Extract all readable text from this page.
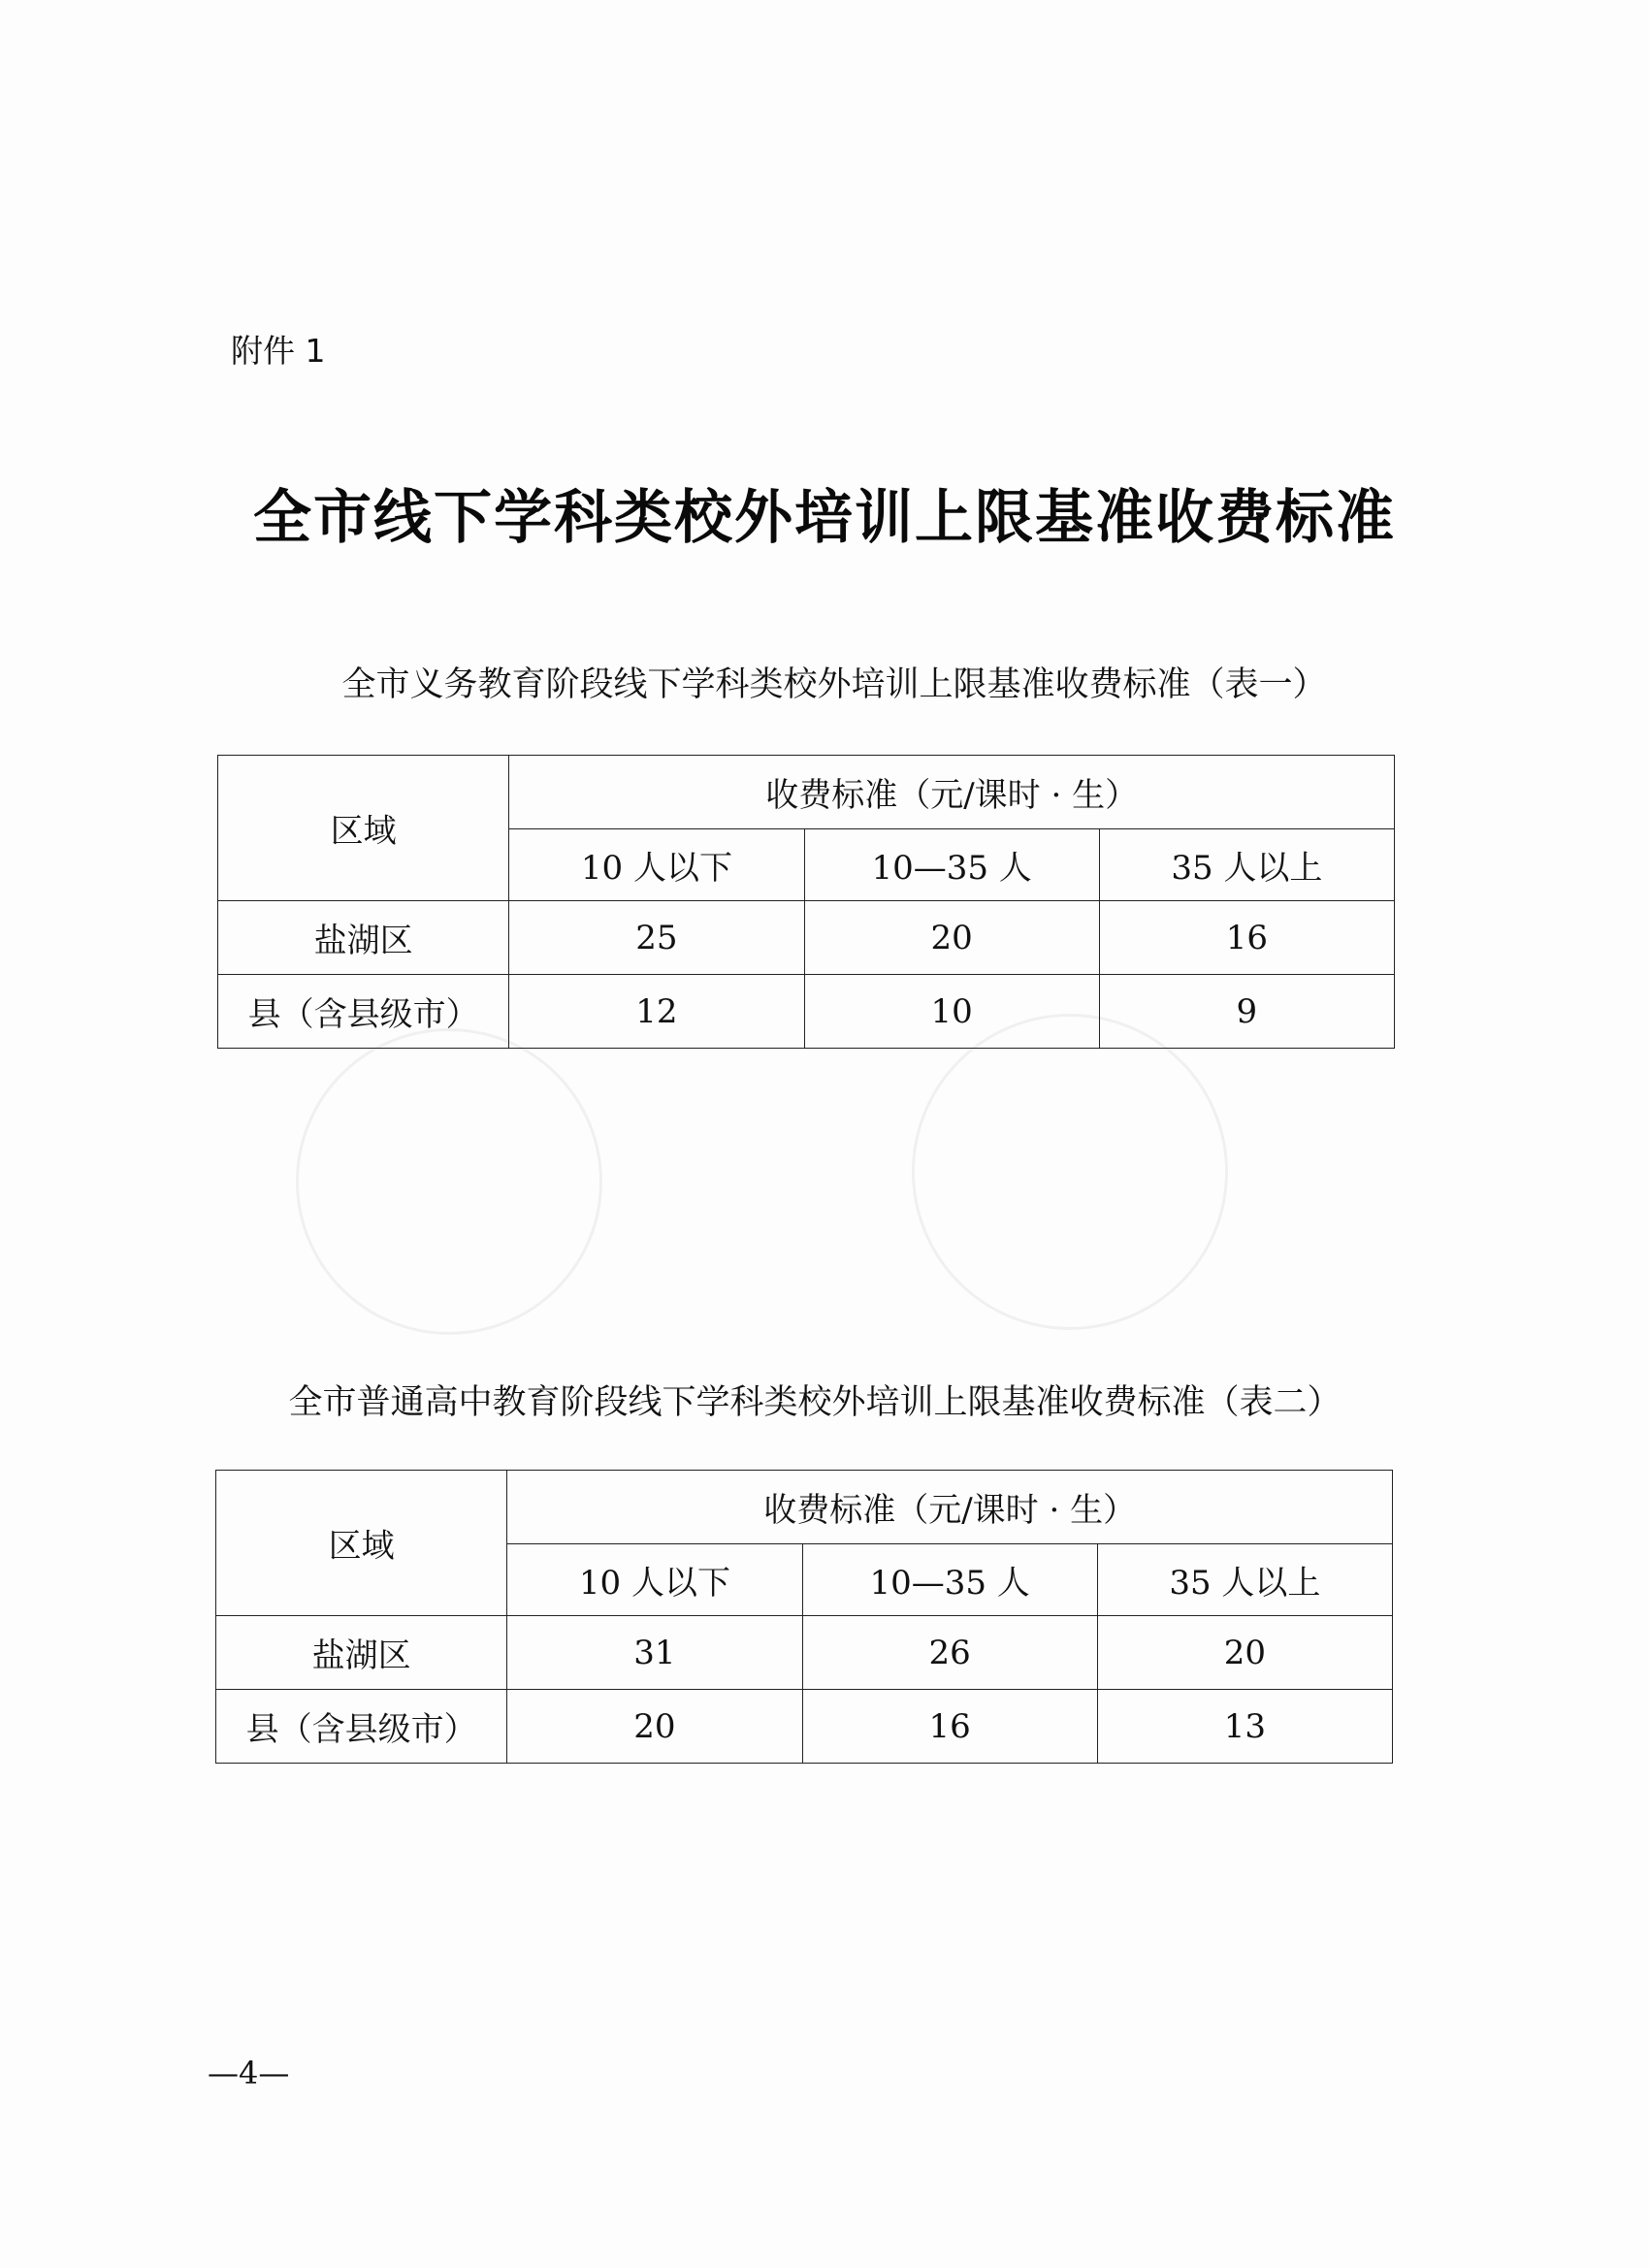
附件 1
全市线下学科类校外培训上限基准收费标准
全市义务教育阶段线下学科类校外培训上限基准收费标准（表一）
区域	收费标准（元/课时 · 生）		
	10 人以下	10—35 人	35 人以上
盐湖区	25	20	16
县（含县级市）	12	10	9
全市普通高中教育阶段线下学科类校外培训上限基准收费标准（表二）
区域	收费标准（元/课时 · 生）		
	10 人以下	10—35 人	35 人以上
盐湖区	31	26	20
县（含县级市）	20	16	13
—4—
